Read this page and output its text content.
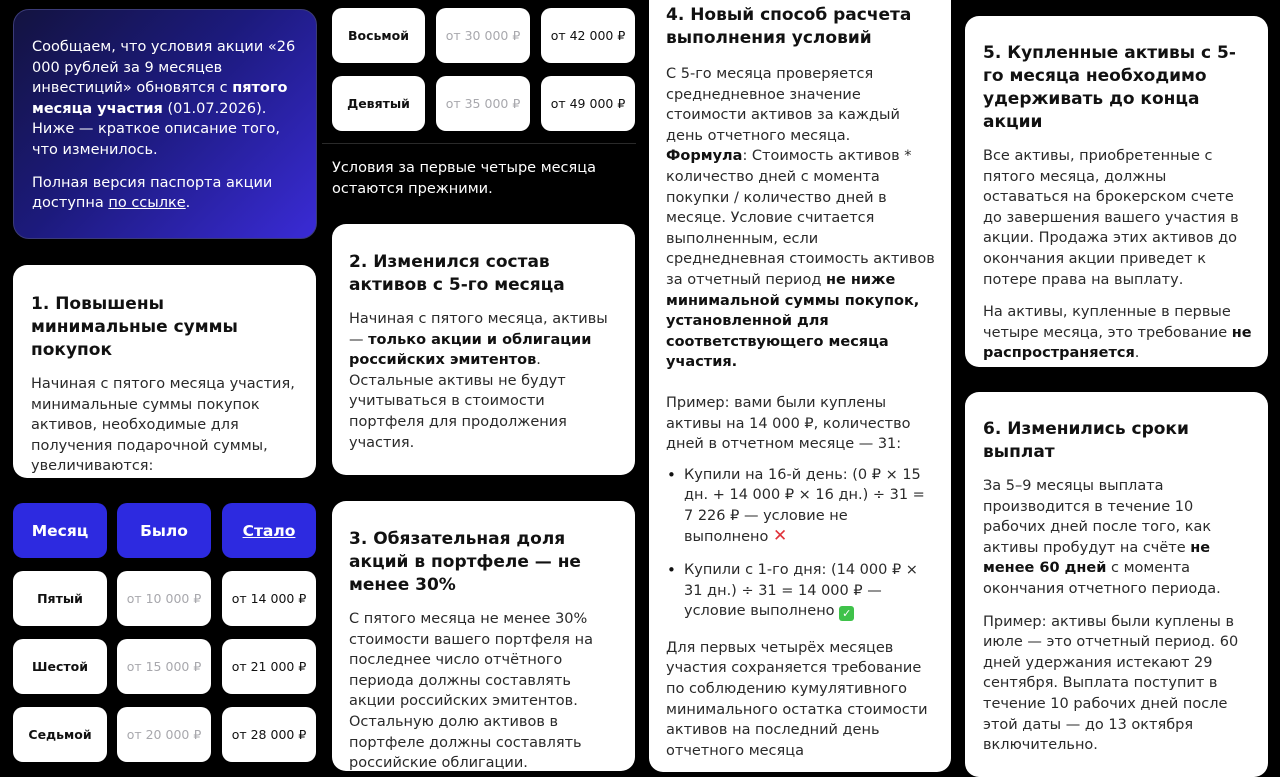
Сообщаем, что условия акции «26 000 рублей за 9 месяцев инвестиций» обновятся с пятого месяца участия (01.07.2026). Ниже — краткое описание того, что изменилось.

Полная версия паспорта акции доступна по ссылке.

1. Повышены минимальные суммы покупок

Начиная с пятого месяца участия, минимальные суммы покупок активов, необходимые для получения подарочной суммы, увеличиваются:

Месяц	Было	Стало
Пятый	от 10 000 ₽	от 14 000 ₽
Шестой	от 15 000 ₽	от 21 000 ₽
Седьмой	от 20 000 ₽	от 28 000 ₽
Восьмой	от 30 000 ₽	от 42 000 ₽
Девятый	от 35 000 ₽	от 49 000 ₽

Условия за первые четыре месяца остаются прежними.

2. Изменился состав активов с 5-го месяца

Начиная с пятого месяца, активы — только акции и облигации российских эмитентов. Остальные активы не будут учитываться в стоимости портфеля для продолжения участия.

3. Обязательная доля акций в портфеле — не менее 30%

С пятого месяца не менее 30% стоимости вашего портфеля на последнее число отчётного периода должны составлять акции российских эмитентов. Остальную долю активов в портфеле должны составлять российские облигации.

4. Новый способ расчета выполнения условий

С 5-го месяца проверяется среднедневное значение стоимости активов за каждый день отчетного месяца. Формула: Стоимость активов * количество дней с момента покупки / количество дней в месяце. Условие считается выполненным, если среднедневная стоимость активов за отчетный период не ниже минимальной суммы покупок, установленной для соответствующего месяца участия.

Пример: вами были куплены активы на 14 000 ₽, количество дней в отчетном месяце — 31:

• Купили на 16-й день: (0 ₽ × 15 дн. + 14 000 ₽ × 16 дн.) ÷ 31 = 7 226 ₽ — условие не выполнено ✕
• Купили с 1-го дня: (14 000 ₽ × 31 дн.) ÷ 31 = 14 000 ₽ — условие выполнено ✓

Для первых четырёх месяцев участия сохраняется требование по соблюдению кумулятивного минимального остатка стоимости активов на последний день отчетного месяца

5. Купленные активы с 5-го месяца необходимо удерживать до конца акции

Все активы, приобретенные с пятого месяца, должны оставаться на брокерском счете до завершения вашего участия в акции. Продажа этих активов до окончания акции приведет к потере права на выплату.

На активы, купленные в первые четыре месяца, это требование не распространяется.

6. Изменились сроки выплат

За 5–9 месяцы выплата производится в течение 10 рабочих дней после того, как активы пробудут на счёте не менее 60 дней с момента окончания отчетного периода.

Пример: активы были куплены в июле — это отчетный период. 60 дней удержания истекают 29 сентября. Выплата поступит в течение 10 рабочих дней после этой даты — до 13 октября включительно.
